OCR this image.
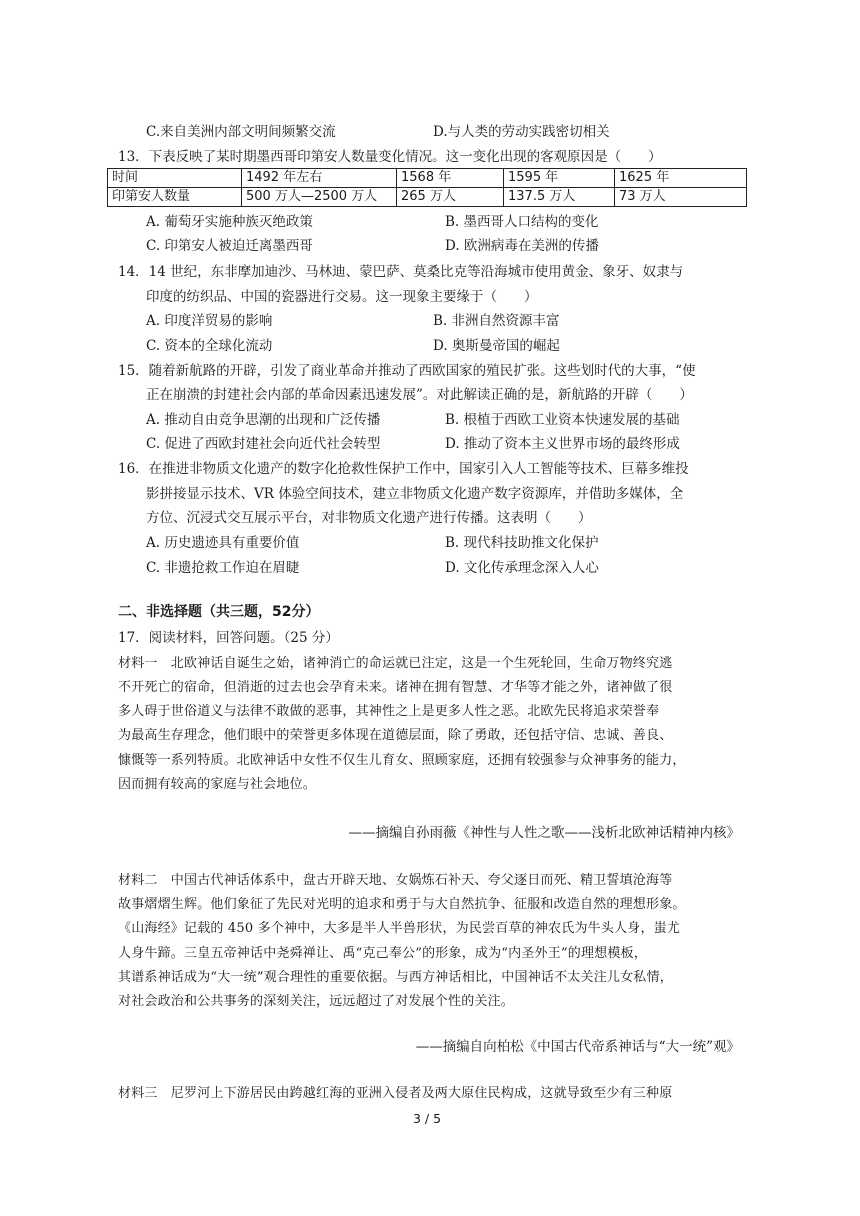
C.来自美洲内部文明间频繁交流	D.与人类的劳动实践密切相关
13．下表反映了某时期墨西哥印第安人数量变化情况。这一变化出现的客观原因是（　　）
时间	1492 年左右	1568 年	1595 年	1625 年
印第安人数量	500 万人—2500 万人	265 万人	137.5 万人	73 万人
A. 葡萄牙实施种族灭绝政策	B. 墨西哥人口结构的变化
C. 印第安人被迫迁离墨西哥	D. 欧洲病毒在美洲的传播
14．14 世纪，东非摩加迪沙、马林迪、蒙巴萨、莫桑比克等沿海城市使用黄金、象牙、奴隶与
印度的纺织品、中国的瓷器进行交易。这一现象主要缘于（　　）
A. 印度洋贸易的影响	B. 非洲自然资源丰富
C. 资本的全球化流动	D. 奥斯曼帝国的崛起
15．随着新航路的开辟，引发了商业革命并推动了西欧国家的殖民扩张。这些划时代的大事，“使
正在崩溃的封建社会内部的革命因素迅速发展”。对此解读正确的是，新航路的开辟（　　）
A. 推动自由竞争思潮的出现和广泛传播	B. 根植于西欧工业资本快速发展的基础
C. 促进了西欧封建社会向近代社会转型	D. 推动了资本主义世界市场的最终形成
16．在推进非物质文化遗产的数字化抢救性保护工作中，国家引入人工智能等技术、巨幕多维投
影拼接显示技术、VR 体验空间技术，建立非物质文化遗产数字资源库，并借助多媒体，全
方位、沉浸式交互展示平台，对非物质文化遗产进行传播。这表明（　　）
A. 历史遗迹具有重要价值	B. 现代科技助推文化保护
C. 非遗抢救工作迫在眉睫	D. 文化传承理念深入人心
二、非选择题（共三题，52分）
17．阅读材料，回答问题。（25 分）
材料一　北欧神话自诞生之始，诸神消亡的命运就已注定，这是一个生死轮回，生命万物终究逃
不开死亡的宿命，但消逝的过去也会孕育未来。诸神在拥有智慧、才华等才能之外，诸神做了很
多人碍于世俗道义与法律不敢做的恶事，其神性之上是更多人性之恶。北欧先民将追求荣誉奉
为最高生存理念，他们眼中的荣誉更多体现在道德层面，除了勇敢，还包括守信、忠诚、善良、
慷慨等一系列特质。北欧神话中女性不仅生儿育女、照顾家庭，还拥有较强参与众神事务的能力，
因而拥有较高的家庭与社会地位。
——摘编自孙雨薇《神性与人性之歌——浅析北欧神话精神内核》
材料二　中国古代神话体系中，盘古开辟天地、女娲炼石补天、夸父逐日而死、精卫誓填沧海等
故事熠熠生辉。他们象征了先民对光明的追求和勇于与大自然抗争、征服和改造自然的理想形象。
《山海经》记载的 450 多个神中，大多是半人半兽形状，为民尝百草的神农氏为牛头人身，蚩尤
人身牛蹄。三皇五帝神话中尧舜禅让、禹“克己奉公”的形象，成为“内圣外王”的理想模板，
其谱系神话成为“大一统”观合理性的重要依据。与西方神话相比，中国神话不太关注儿女私情，
对社会政治和公共事务的深刻关注，远远超过了对发展个性的关注。
——摘编自向柏松《中国古代帝系神话与“大一统”观》
材料三　尼罗河上下游居民由跨越红海的亚洲入侵者及两大原住民构成，这就导致至少有三种原
3 / 5
